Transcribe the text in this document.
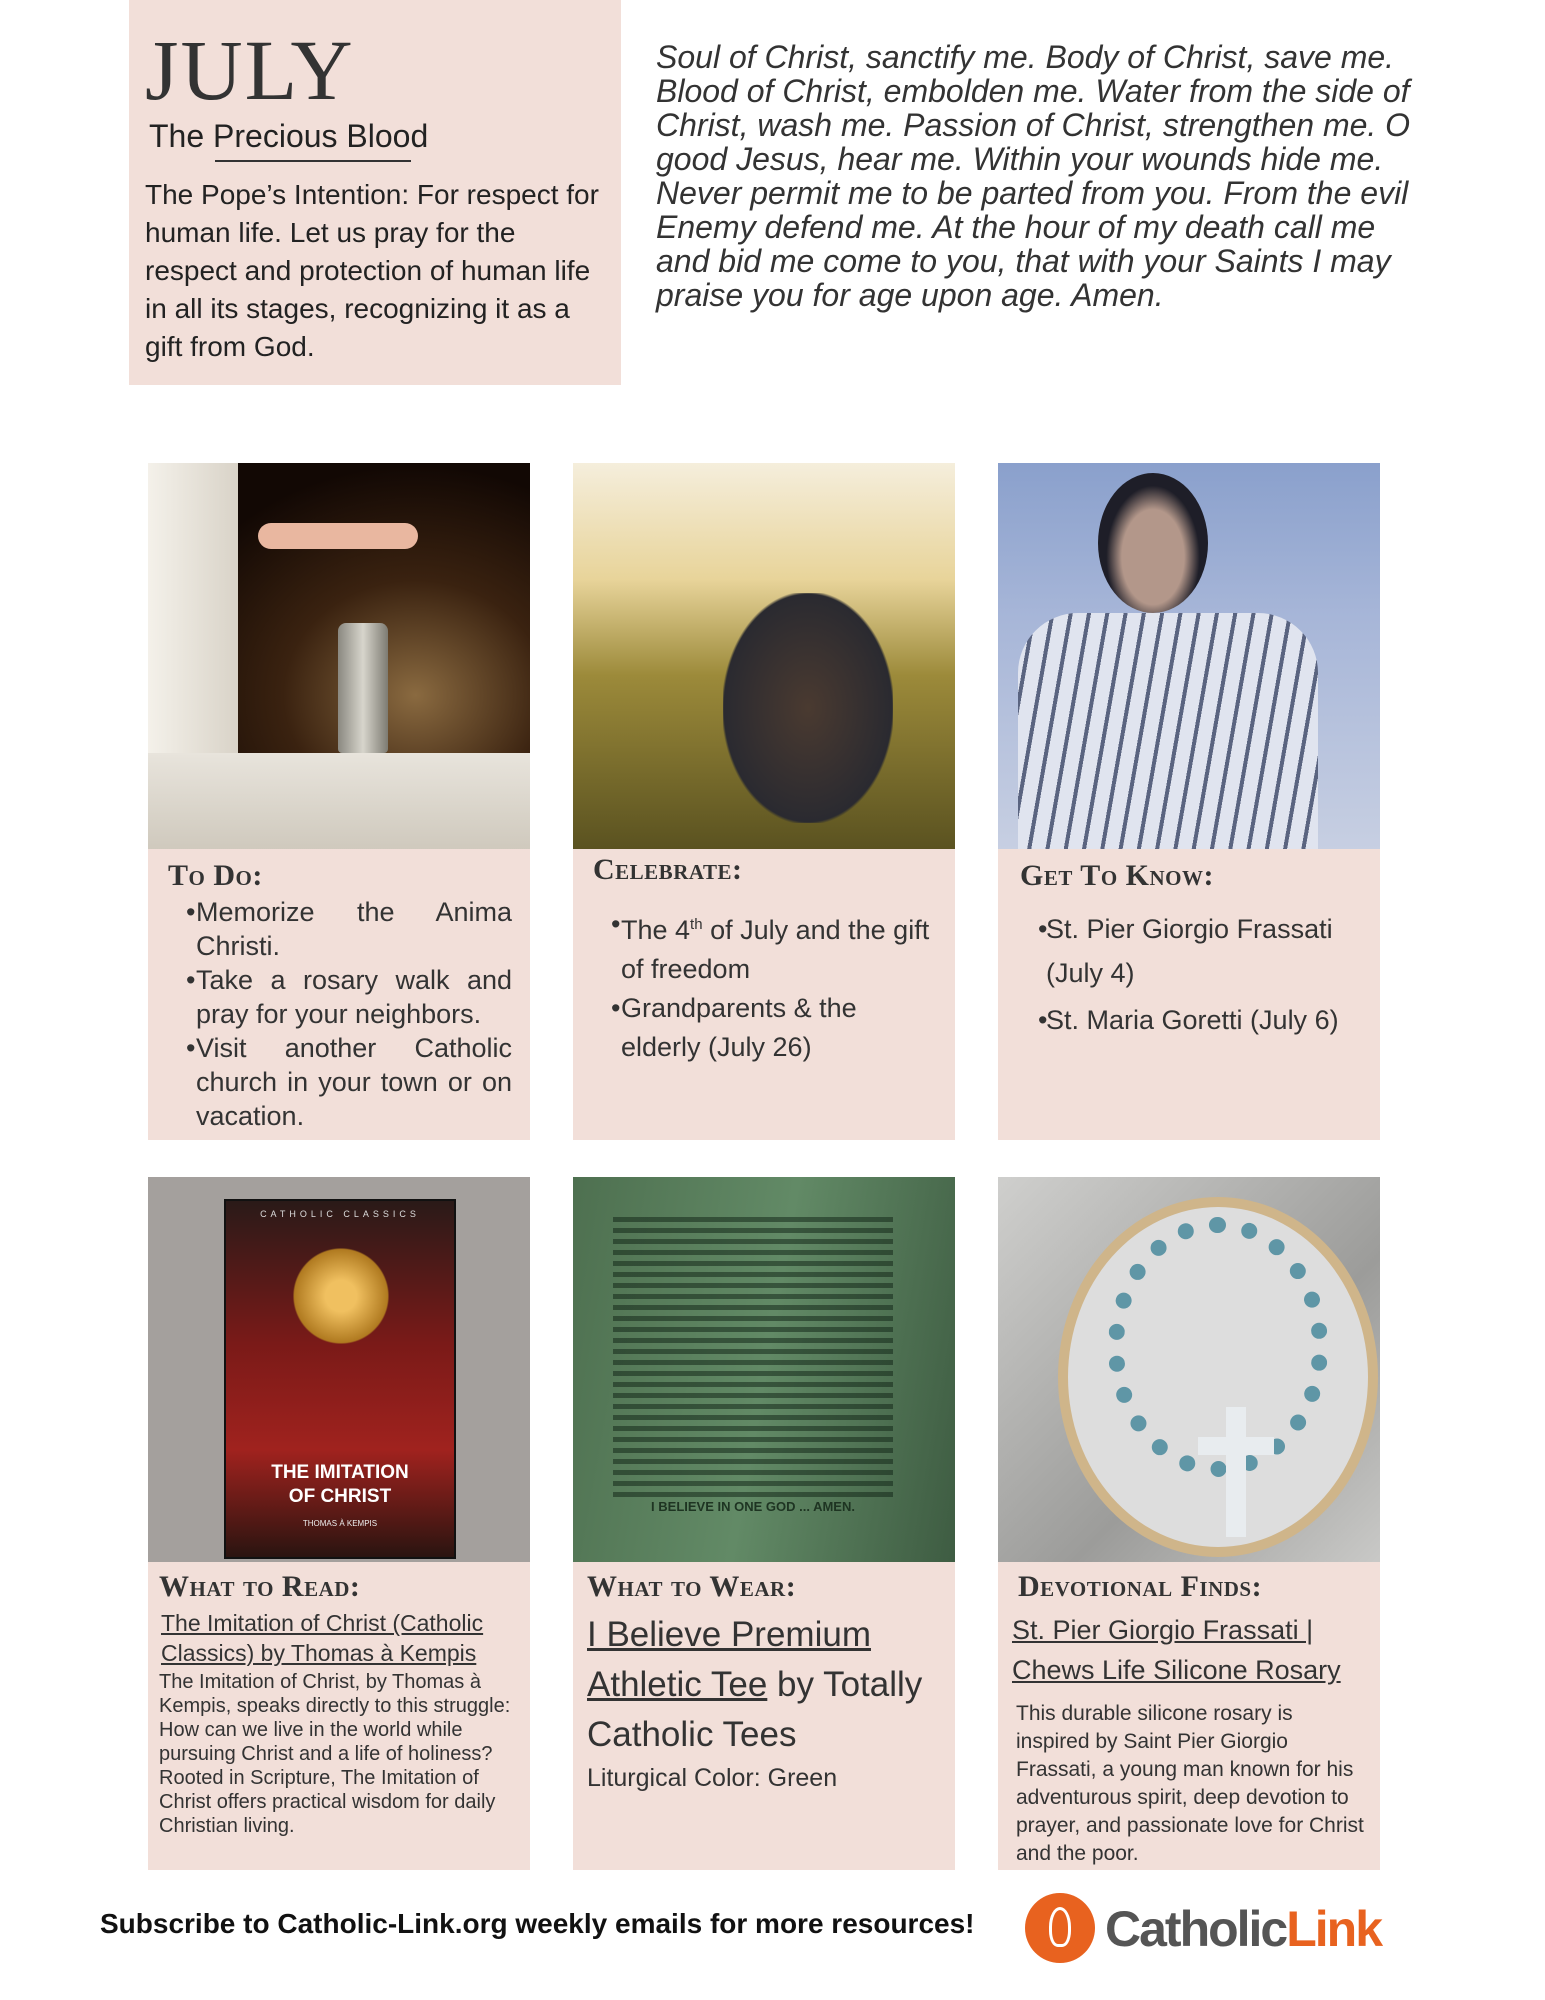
JULY
The Precious Blood
The Pope’s Intention: For respect for human life. Let us pray for the respect and protection of human life in all its stages, recognizing it as a gift from God.
Soul of Christ, sanctify me. Body of Christ, save me. Blood of Christ, embolden me. Water from the side of Christ, wash me. Passion of Christ, strengthen me. O good Jesus, hear me. Within your wounds hide me. Never permit me to be parted from you. From the evil Enemy defend me. At the hour of my death call me and bid me come to you, that with your Saints I may praise you for age upon age. Amen.
To Do:
• Memorize the Anima Christi.
• Take a rosary walk and pray for your neighbors.
• Visit another Catholic church in your town or on vacation.
Celebrate:
• The 4th of July and the gift of freedom
• Grandparents & the elderly (July 26)
Get To Know:
• St. Pier Giorgio Frassati (July 4)
• St. Maria Goretti (July 6)
CATHOLIC CLASSICS
THE IMITATION
OF CHRIST
THOMAS À KEMPIS
I BELIEVE IN ONE GOD ... AMEN.
What to Read:
The Imitation of Christ (Catholic Classics) by Thomas à Kempis
The Imitation of Christ, by Thomas à Kempis, speaks directly to this struggle: How can we live in the world while pursuing Christ and a life of holiness? Rooted in Scripture, The Imitation of Christ offers practical wisdom for daily Christian living.
What to Wear:
I Believe Premium Athletic Tee by Totally Catholic Tees
Liturgical Color: Green
Devotional Finds:
St. Pier Giorgio Frassati | Chews Life Silicone Rosary
This durable silicone rosary is inspired by Saint Pier Giorgio Frassati, a young man known for his adventurous spirit, deep devotion to prayer, and passionate love for Christ and the poor.
Subscribe to Catholic-Link.org weekly emails for more resources!	CatholicLink
